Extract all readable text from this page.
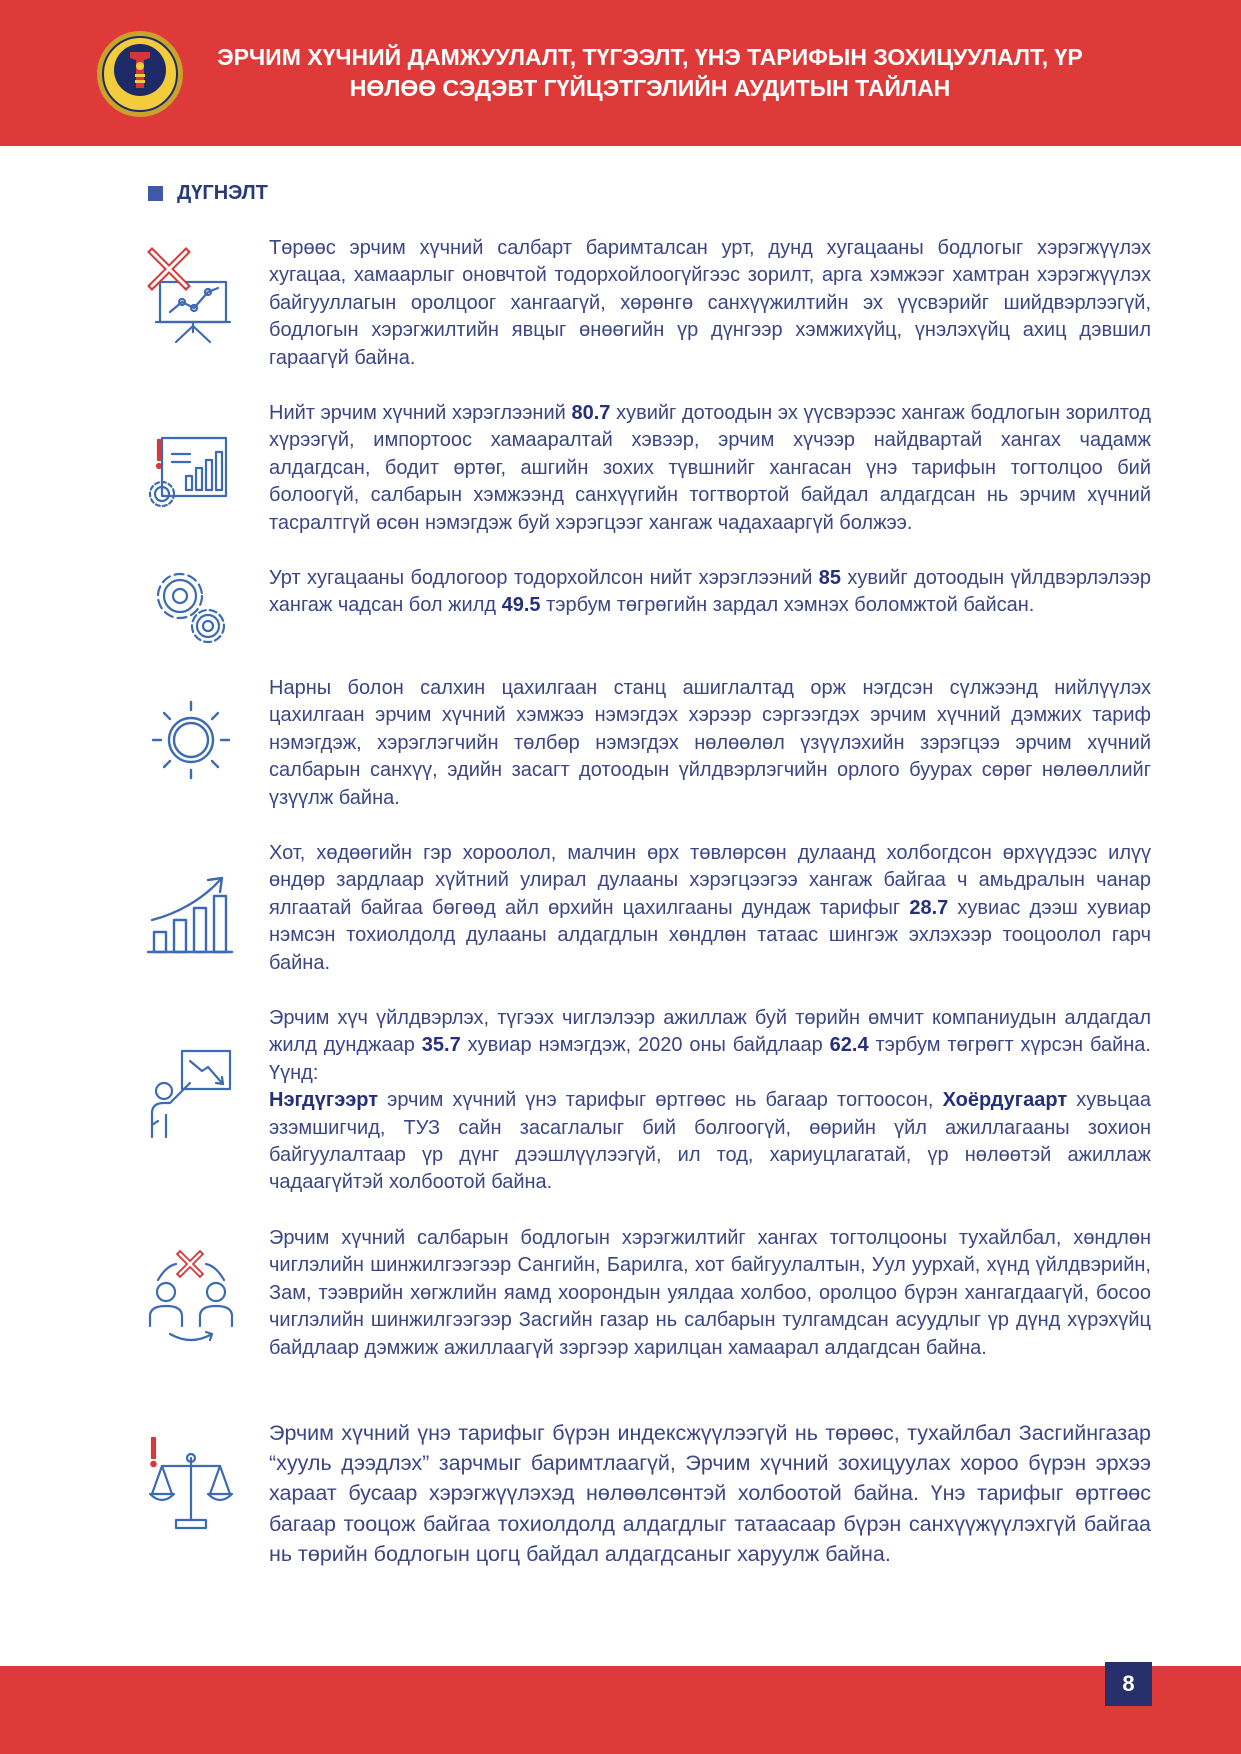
ЭРЧИМ ХҮЧНИЙ ДАМЖУУЛАЛТ, ТҮГЭЭЛТ, ҮНЭ ТАРИФЫН ЗОХИЦУУЛАЛТ, ҮР
НӨЛӨӨ СЭДЭВТ ГҮЙЦЭТГЭЛИЙН АУДИТЫН ТАЙЛАН
ДҮГНЭЛТ

Төрөөс эрчим хүчний салбарт баримталсан урт, дунд хугацааны бодлогыг хэрэгжүүлэх хугацаа, хамаарлыг оновчтой тодорхойлоогүйгээс зорилт, арга хэмжээг хамтран хэрэгжүүлэх байгууллагын оролцоог хангаагүй, хөрөнгө санхүүжилтийн эх үүсвэрийг шийдвэрлээгүй, бодлогын хэрэгжилтийн явцыг өнөөгийн үр дүнгээр хэмжихүйц, үнэлэхүйц ахиц дэвшил гараагүй байна.

Нийт эрчим хүчний хэрэглээний 80.7 хувийг дотоодын эх үүсвэрээс хангаж бодлогын зорилтод хүрээгүй, импортоос хамааралтай хэвээр, эрчим хүчээр найдвартай хангах чадамж алдагдсан, бодит өртөг, ашгийн зохих түвшнийг хангасан үнэ тарифын тогтолцоо бий болоогүй, салбарын хэмжээнд санхүүгийн тогтвортой байдал алдагдсан нь эрчим хүчний тасралтгүй өсөн нэмэгдэж буй хэрэгцээг хангаж чадахааргүй болжээ.

Урт хугацааны бодлогоор тодорхойлсон нийт хэрэглээний 85 хувийг дотоодын үйлдвэрлэлээр хангаж чадсан бол жилд 49.5 тэрбум төгрөгийн зардал хэмнэх боломжтой байсан.

Нарны болон салхин цахилгаан станц ашиглалтад орж нэгдсэн сүлжээнд нийлүүлэх цахилгаан эрчим хүчний хэмжээ нэмэгдэх хэрээр сэргээгдэх эрчим хүчний дэмжих тариф нэмэгдэж, хэрэглэгчийн төлбөр нэмэгдэх нөлөөлөл үзүүлэхийн зэрэгцээ эрчим хүчний салбарын санхүү, эдийн засагт дотоодын үйлдвэрлэгчийн орлого буурах сөрөг нөлөөллийг үзүүлж байна.

Хот, хөдөөгийн гэр хороолол, малчин өрх төвлөрсөн дулаанд холбогдсон өрхүүдээс илүү өндөр зардлаар хүйтний улирал дулааны хэрэгцээгээ хангаж байгаа ч амьдралын чанар ялгаатай байгаа бөгөөд айл өрхийн цахилгааны дундаж тарифыг 28.7 хувиас дээш хувиар нэмсэн тохиолдолд дулааны алдагдлын хөндлөн татаас шингэж эхлэхээр тооцоолол гарч байна.

Эрчим хүч үйлдвэрлэх, түгээх чиглэлээр ажиллаж буй төрийн өмчит компаниудын алдагдал жилд дунджаар 35.7 хувиар нэмэгдэж, 2020 оны байдлаар 62.4 тэрбум төгрөгт хүрсэн байна. Үүнд:
Нэгдүгээрт эрчим хүчний үнэ тарифыг өртгөөс нь багаар тогтоосон, Хоёрдугаарт хувьцаа эзэмшигчид, ТУЗ сайн засаглалыг бий болгоогүй, өөрийн үйл ажиллагааны зохион байгуулалтаар үр дүнг дээшлүүлээгүй, ил тод, хариуцлагатай, үр нөлөөтэй ажиллаж чадаагүйтэй холбоотой байна.

Эрчим хүчний салбарын бодлогын хэрэгжилтийг хангах тогтолцооны тухайлбал, хөндлөн чиглэлийн шинжилгээгээр Сангийн, Барилга, хот байгуулалтын, Уул уурхай, хүнд үйлдвэрийн, Зам, тээврийн хөгжлийн яамд хоорондын уялдаа холбоо, оролцоо бүрэн хангагдаагүй, босоо чиглэлийн шинжилгээгээр Засгийн газар нь салбарын тулгамдсан асуудлыг үр дүнд хүрэхүйц байдлаар дэмжиж ажиллаагүй зэргээр харилцан хамаарал алдагдсан байна.

Эрчим хүчний үнэ тарифыг бүрэн индексжүүлээгүй нь төрөөс, тухайлбал Засгийнгазар “хууль дээдлэх” зарчмыг баримтлаагүй, Эрчим хүчний зохицуулах хороо бүрэн эрхээ хараат бусаар хэрэгжүүлэхэд нөлөөлсөнтэй холбоотой байна. Үнэ тарифыг өртгөөс багаар тооцож байгаа тохиолдолд алдагдлыг татаасаар бүрэн санхүүжүүлэхгүй байгаа нь төрийн бодлогын цогц байдал алдагдсаныг харуулж байна.

8
